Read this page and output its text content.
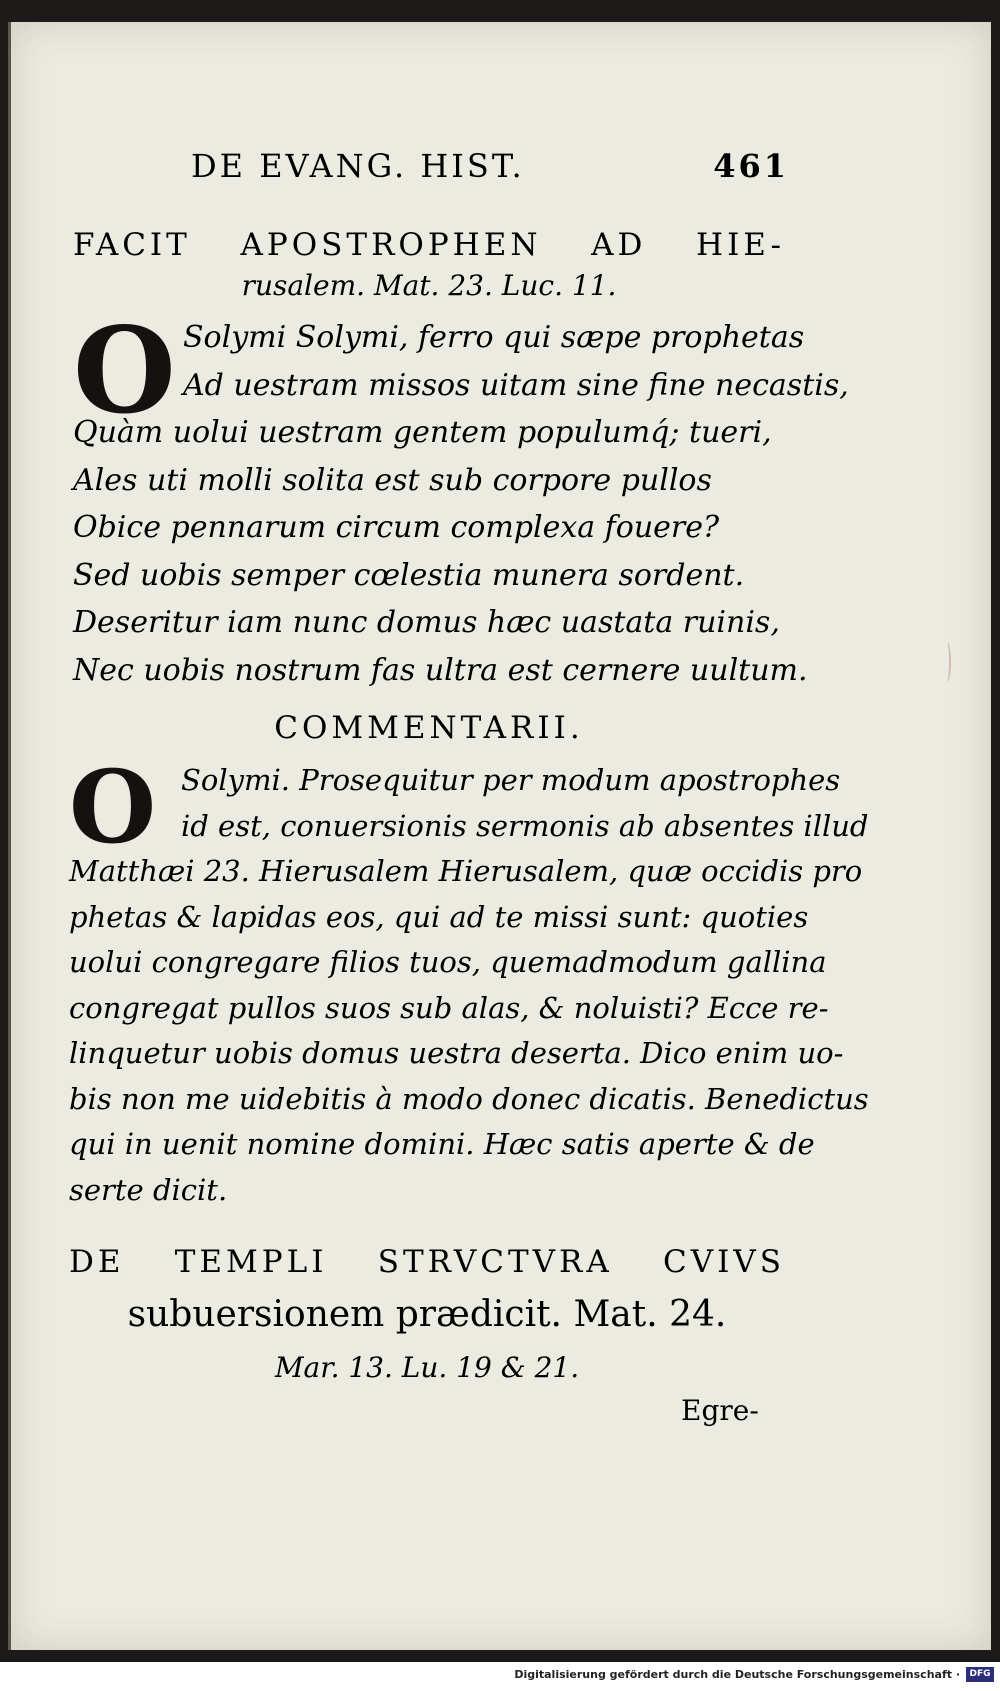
DE EVANG. HIST.	461
FACIT APOSTROPHEN AD HIE-
rusalem. Mat. 23. Luc. 11.
O Solymi Solymi, ferro qui sæpe prophetas
Ad uestram missos uitam sine fine necastis,
Quàm uolui uestram gentem populumq́; tueri,
Ales uti molli solita est sub corpore pullos
Obice pennarum circum complexa fouere?
Sed uobis semper cœlestia munera sordent.
Deseritur iam nunc domus hæc uastata ruinis,
Nec uobis nostrum fas ultra est cernere uultum.
COMMENTARII.
O Solymi. Prosequitur per modum apostrophes
id est, conuersionis sermonis ab absentes illud
Matthæi 23. Hierusalem Hierusalem, quæ occidis pro
phetas & lapidas eos, qui ad te missi sunt: quoties
uolui congregare filios tuos, quemadmodum gallina
congregat pullos suos sub alas, & noluisti? Ecce re-
linquetur uobis domus uestra deserta. Dico enim uo-
bis non me uidebitis à modo donec dicatis. Benedictus
qui in uenit nomine domini. Hæc satis aperte & de
serte dicit.
DE TEMPLI STRVCTVRA CVIVS
subuersionem prædicit. Mat. 24.
Mar. 13. Lu. 19 & 21.
Egre-
Digitalisierung gefördert durch die Deutsche Forschungsgemeinschaft ·	DFG
